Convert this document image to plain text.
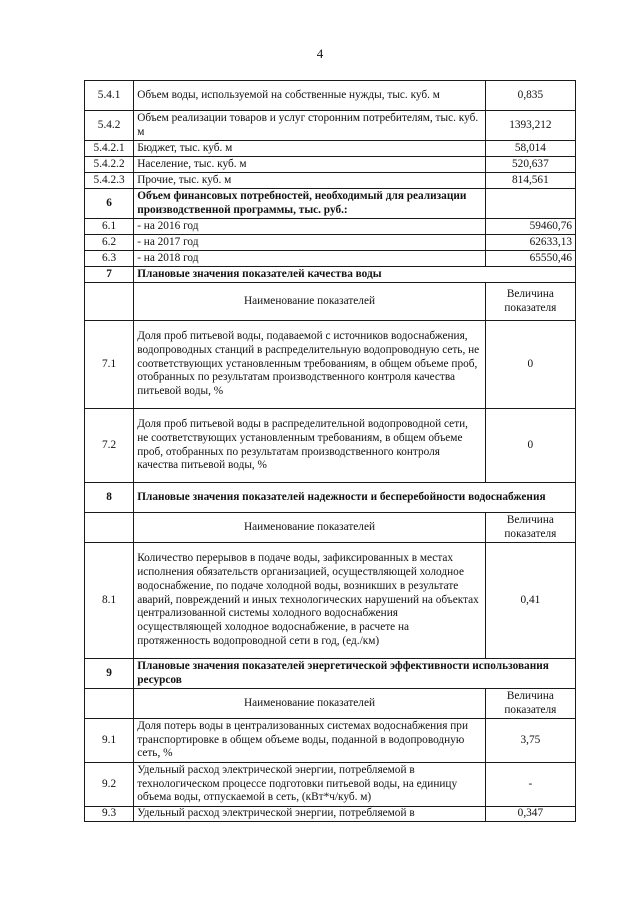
4
5.4.1	Объем воды, используемой на собственные нужды, тыс. куб. м	0,835
5.4.2	Объем реализации товаров и услуг сторонним потребителям, тыс. куб. м	1393,212
5.4.2.1	Бюджет, тыс. куб. м	58,014
5.4.2.2	Население, тыс. куб. м	520,637
5.4.2.3	Прочие, тыс. куб. м	814,561
6	Объем финансовых потребностей, необходимый для реализации производственной программы, тыс. руб.:	
6.1	- на 2016 год	59460,76
6.2	- на 2017 год	62633,13
6.3	- на 2018 год	65550,46
7	Плановые значения показателей качества воды	
	Наименование показателей	Величина показателя
7.1	Доля проб питьевой воды, подаваемой с источников водоснабжения, водопроводных станций в распределительную водопроводную сеть, не соответствующих установленным требованиям, в общем объеме проб, отобранных по результатам производственного контроля качества питьевой воды, %	0
7.2	Доля проб питьевой воды в распределительной водопроводной сети, не соответствующих установленным требованиям, в общем объеме проб, отобранных по результатам производственного контроля качества питьевой воды, %	0
8	Плановые значения показателей надежности и бесперебойности водоснабжения	
	Наименование показателей	Величина показателя
8.1	Количество перерывов в подаче воды, зафиксированных в местах исполнения обязательств организацией, осуществляющей холодное водоснабжение, по подаче холодной воды, возникших в результате аварий, повреждений и иных технологических нарушений на объектах централизованной системы холодного водоснабжения осуществляющей холодное водоснабжение, в расчете на протяженность водопроводной сети в год, (ед./км)	0,41
9	Плановые значения показателей энергетической эффективности использования ресурсов	
	Наименование показателей	Величина показателя
9.1	Доля потерь воды в централизованных системах водоснабжения при транспортировке в общем объеме воды, поданной в водопроводную сеть, %	3,75
9.2	Удельный расход электрической энергии, потребляемой в технологическом процессе подготовки питьевой воды, на единицу объема воды, отпускаемой в сеть, (кВт*ч/куб. м)	-
9.3	Удельный расход электрической энергии, потребляемой в	0,347
